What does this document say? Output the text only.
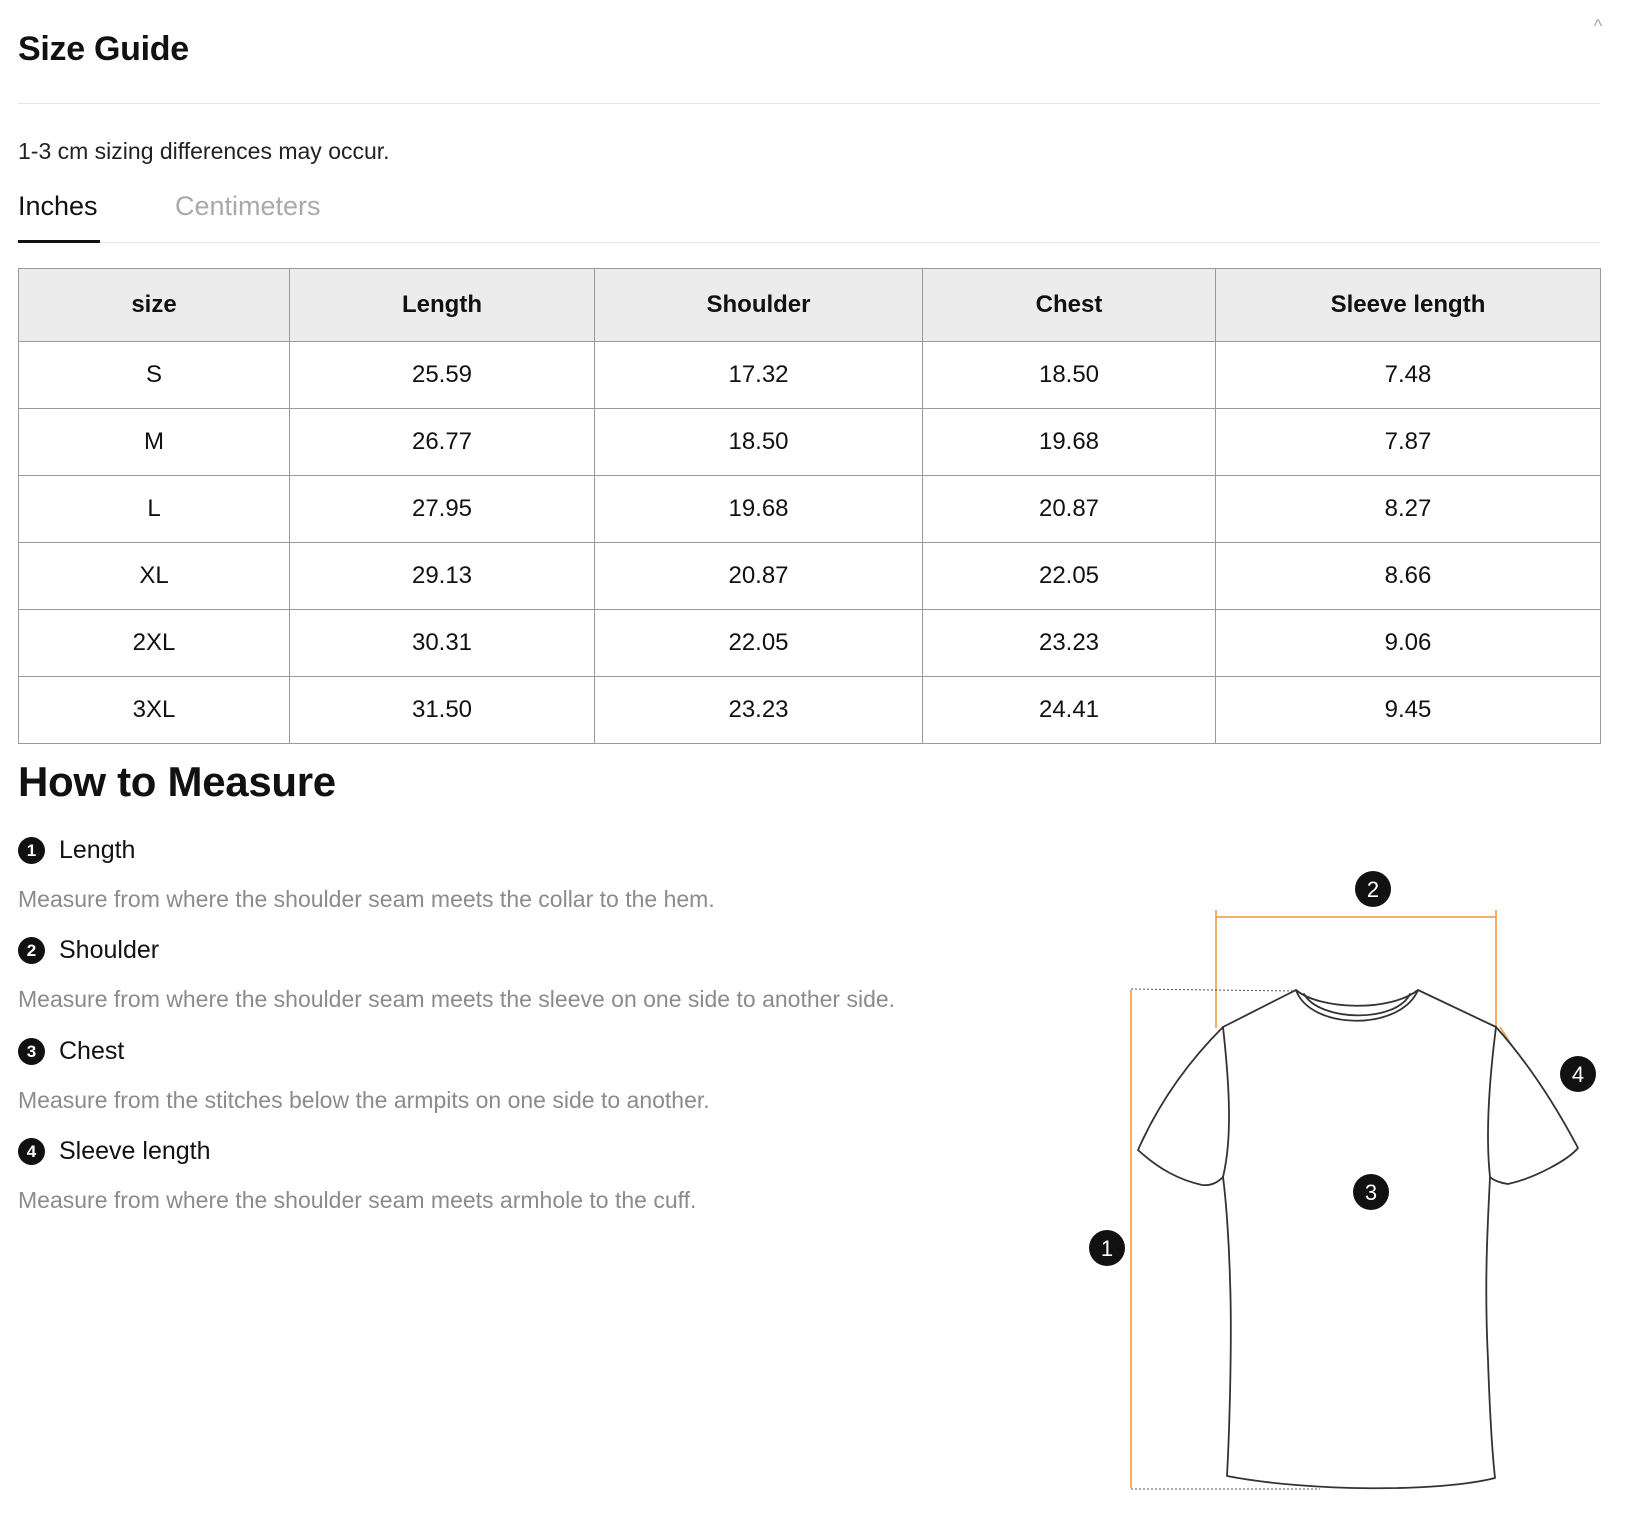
^
Size Guide
1-3 cm sizing differences may occur.
Inches	Centimeters
size	Length	Shoulder	Chest	Sleeve length
S	25.59	17.32	18.50	7.48
M	26.77	18.50	19.68	7.87
L	27.95	19.68	20.87	8.27
XL	29.13	20.87	22.05	8.66
2XL	30.31	22.05	23.23	9.06
3XL	31.50	23.23	24.41	9.45
How to Measure
1 Length
Measure from where the shoulder seam meets the collar to the hem.
2 Shoulder
Measure from where the shoulder seam meets the sleeve on one side to another side.
3 Chest
Measure from the stitches below the armpits on one side to another.
4 Sleeve length
Measure from where the shoulder seam meets armhole to the cuff.
1
2
3
4
